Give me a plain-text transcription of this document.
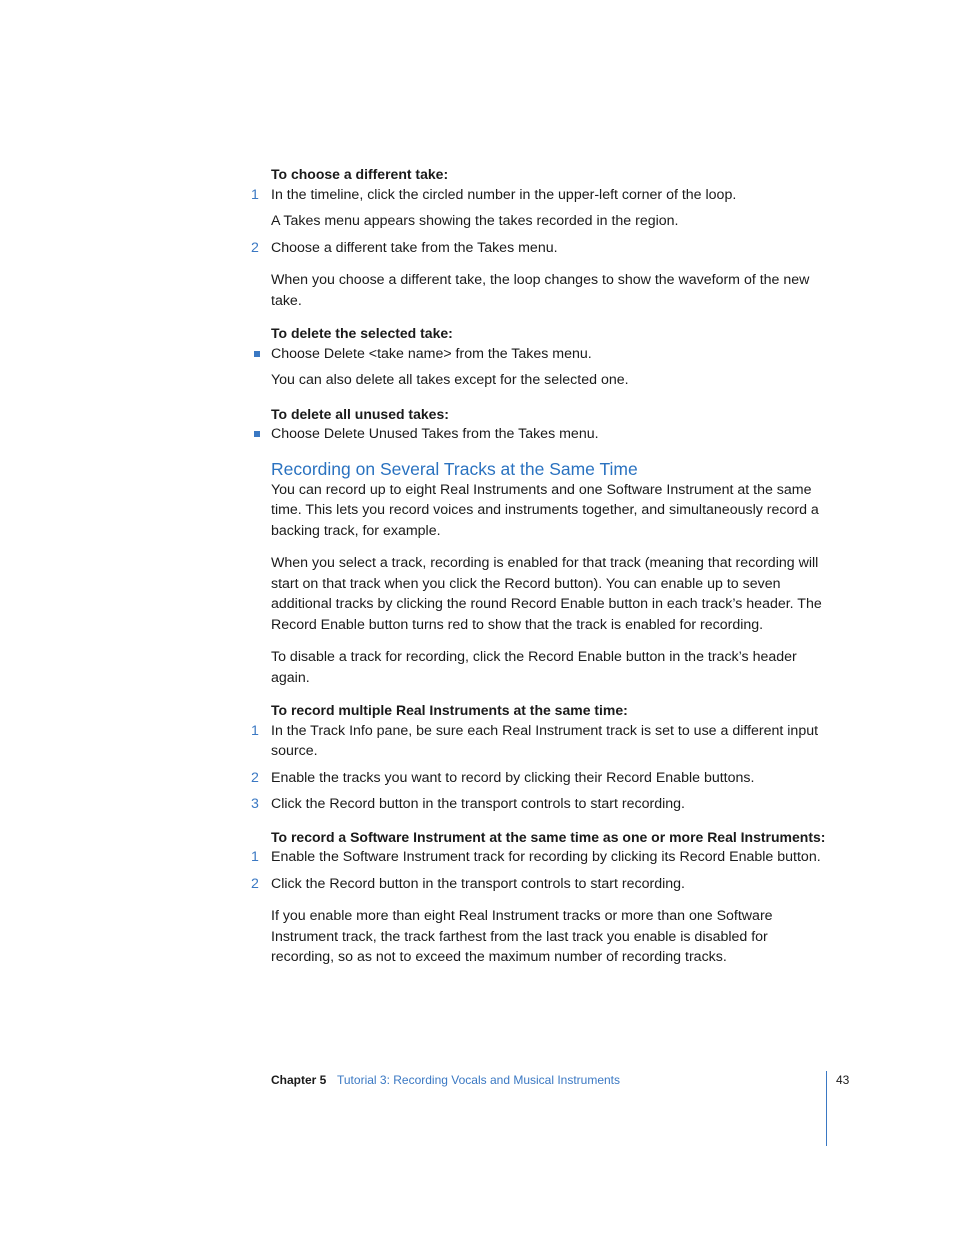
To choose a different take:
1 In the timeline, click the circled number in the upper-left corner of the loop.
A Takes menu appears showing the takes recorded in the region.
2 Choose a different take from the Takes menu.
When you choose a different take, the loop changes to show the waveform of the new take.
To delete the selected take:
Choose Delete <take name> from the Takes menu.
You can also delete all takes except for the selected one.
To delete all unused takes:
Choose Delete Unused Takes from the Takes menu.
Recording on Several Tracks at the Same Time
You can record up to eight Real Instruments and one Software Instrument at the same time. This lets you record voices and instruments together, and simultaneously record a backing track, for example.
When you select a track, recording is enabled for that track (meaning that recording will start on that track when you click the Record button). You can enable up to seven additional tracks by clicking the round Record Enable button in each track’s header. The Record Enable button turns red to show that the track is enabled for recording.
To disable a track for recording, click the Record Enable button in the track’s header again.
To record multiple Real Instruments at the same time:
1 In the Track Info pane, be sure each Real Instrument track is set to use a different input source.
2 Enable the tracks you want to record by clicking their Record Enable buttons.
3 Click the Record button in the transport controls to start recording.
To record a Software Instrument at the same time as one or more Real Instruments:
1 Enable the Software Instrument track for recording by clicking its Record Enable button.
2 Click the Record button in the transport controls to start recording.
If you enable more than eight Real Instrument tracks or more than one Software Instrument track, the track farthest from the last track you enable is disabled for recording, so as not to exceed the maximum number of recording tracks.
Chapter 5 Tutorial 3: Recording Vocals and Musical Instruments	43
